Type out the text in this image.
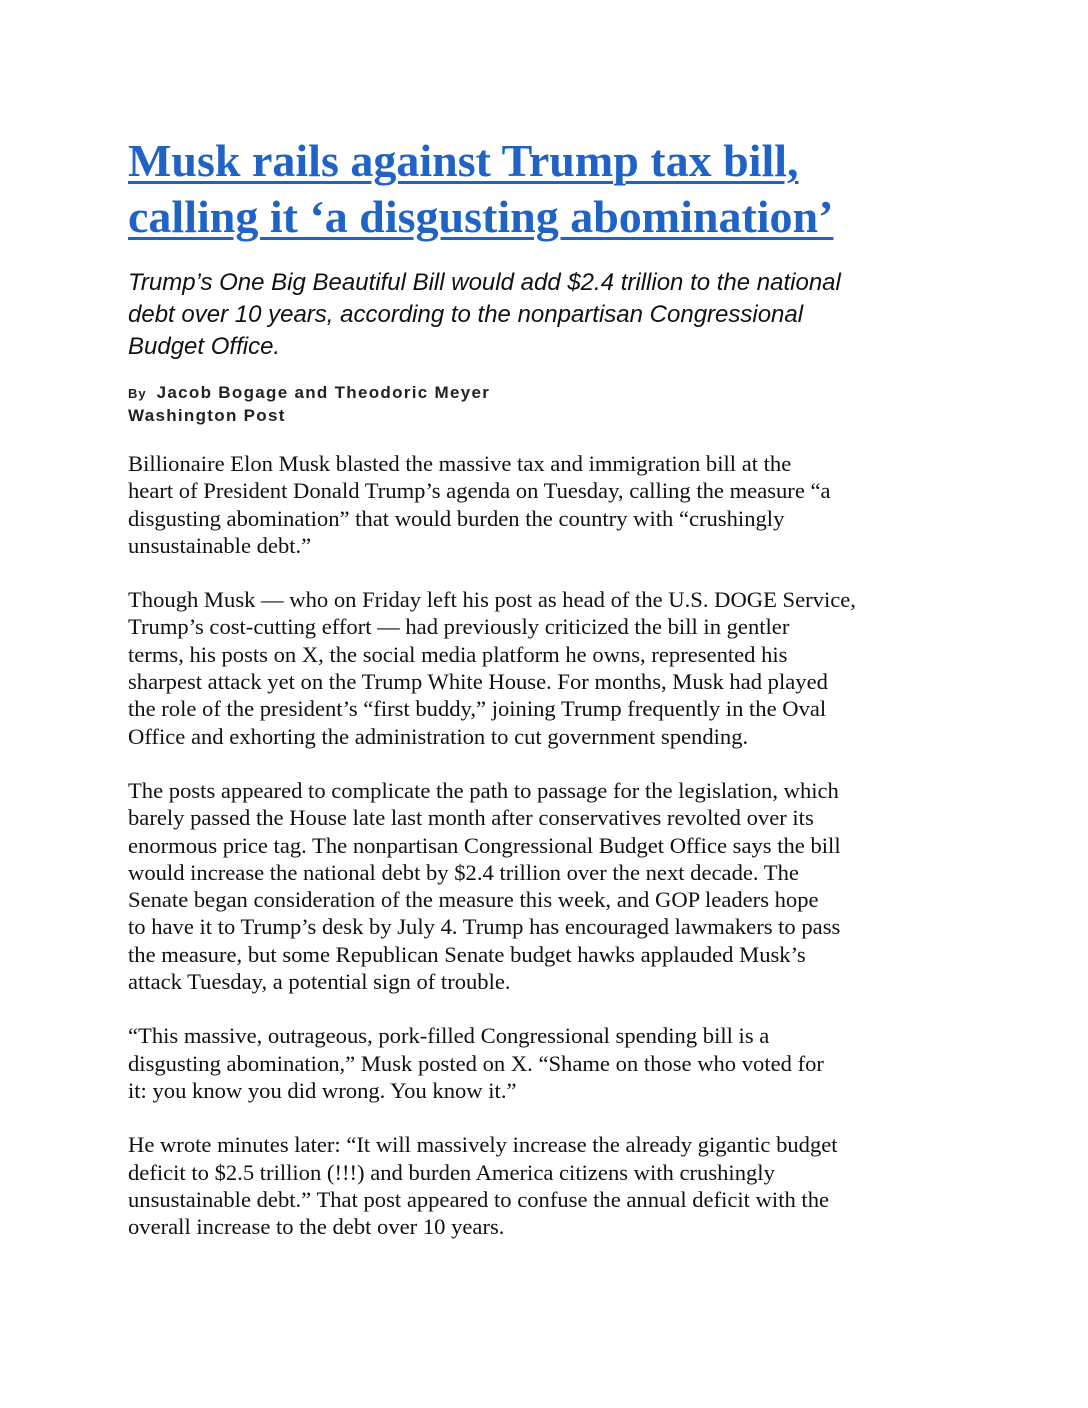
Musk rails against Trump tax bill,
calling it ‘a disgusting abomination’
Trump’s One Big Beautiful Bill would add $2.4 trillion to the national
debt over 10 years, according to the nonpartisan Congressional
Budget Office.
By Jacob Bogage and Theodoric Meyer
Washington Post

Billionaire Elon Musk blasted the massive tax and immigration bill at the
heart of President Donald Trump’s agenda on Tuesday, calling the measure “a
disgusting abomination” that would burden the country with “crushingly
unsustainable debt.”

Though Musk — who on Friday left his post as head of the U.S. DOGE Service,
Trump’s cost-cutting effort — had previously criticized the bill in gentler
terms, his posts on X, the social media platform he owns, represented his
sharpest attack yet on the Trump White House. For months, Musk had played
the role of the president’s “first buddy,” joining Trump frequently in the Oval
Office and exhorting the administration to cut government spending.

The posts appeared to complicate the path to passage for the legislation, which
barely passed the House late last month after conservatives revolted over its
enormous price tag. The nonpartisan Congressional Budget Office says the bill
would increase the national debt by $2.4 trillion over the next decade. The
Senate began consideration of the measure this week, and GOP leaders hope
to have it to Trump’s desk by July 4. Trump has encouraged lawmakers to pass
the measure, but some Republican Senate budget hawks applauded Musk’s
attack Tuesday, a potential sign of trouble.

“This massive, outrageous, pork-filled Congressional spending bill is a
disgusting abomination,” Musk posted on X. “Shame on those who voted for
it: you know you did wrong. You know it.”

He wrote minutes later: “It will massively increase the already gigantic budget
deficit to $2.5 trillion (!!!) and burden America citizens with crushingly
unsustainable debt.” That post appeared to confuse the annual deficit with the
overall increase to the debt over 10 years.
